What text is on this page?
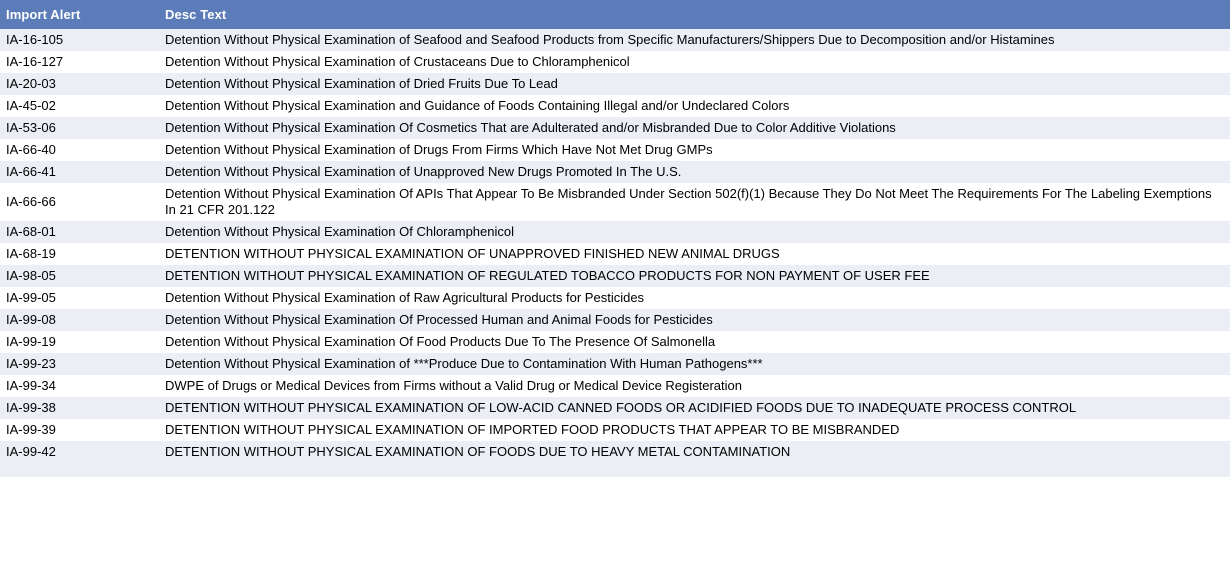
Import Alert	Desc Text
IA-16-105	Detention Without Physical Examination of Seafood and Seafood Products from Specific Manufacturers/Shippers Due to Decomposition and/or Histamines
IA-16-127	Detention Without Physical Examination of Crustaceans Due to Chloramphenicol
IA-20-03	Detention Without Physical Examination of Dried Fruits Due To Lead
IA-45-02	Detention Without Physical Examination and Guidance of Foods Containing Illegal and/or Undeclared Colors
IA-53-06	Detention Without Physical Examination Of Cosmetics That are Adulterated and/or Misbranded Due to Color Additive Violations
IA-66-40	Detention Without Physical Examination of Drugs From Firms Which Have Not Met Drug GMPs
IA-66-41	Detention Without Physical Examination of Unapproved New Drugs Promoted In The U.S.
IA-66-66	Detention Without Physical Examination Of APIs That Appear To Be Misbranded Under Section 502(f)(1) Because They Do Not Meet The Requirements For The Labeling Exemptions In 21 CFR 201.122
IA-68-01	Detention Without Physical Examination Of Chloramphenicol
IA-68-19	DETENTION WITHOUT PHYSICAL EXAMINATION OF UNAPPROVED FINISHED NEW ANIMAL DRUGS
IA-98-05	DETENTION WITHOUT PHYSICAL EXAMINATION OF REGULATED TOBACCO PRODUCTS FOR NON PAYMENT OF USER FEE
IA-99-05	Detention Without Physical Examination of Raw Agricultural Products for Pesticides
IA-99-08	Detention Without Physical Examination Of Processed Human and Animal Foods for Pesticides
IA-99-19	Detention Without Physical Examination Of Food Products Due To The Presence Of Salmonella
IA-99-23	Detention Without Physical Examination of ***Produce Due to Contamination With Human Pathogens***
IA-99-34	DWPE of Drugs or Medical Devices from Firms without a Valid Drug or Medical Device Registeration
IA-99-38	DETENTION WITHOUT PHYSICAL EXAMINATION OF LOW-ACID CANNED FOODS OR ACIDIFIED FOODS DUE TO INADEQUATE PROCESS CONTROL
IA-99-39	DETENTION WITHOUT PHYSICAL EXAMINATION OF IMPORTED FOOD PRODUCTS THAT APPEAR TO BE MISBRANDED
IA-99-42	DETENTION WITHOUT PHYSICAL EXAMINATION OF FOODS DUE TO HEAVY METAL CONTAMINATION
